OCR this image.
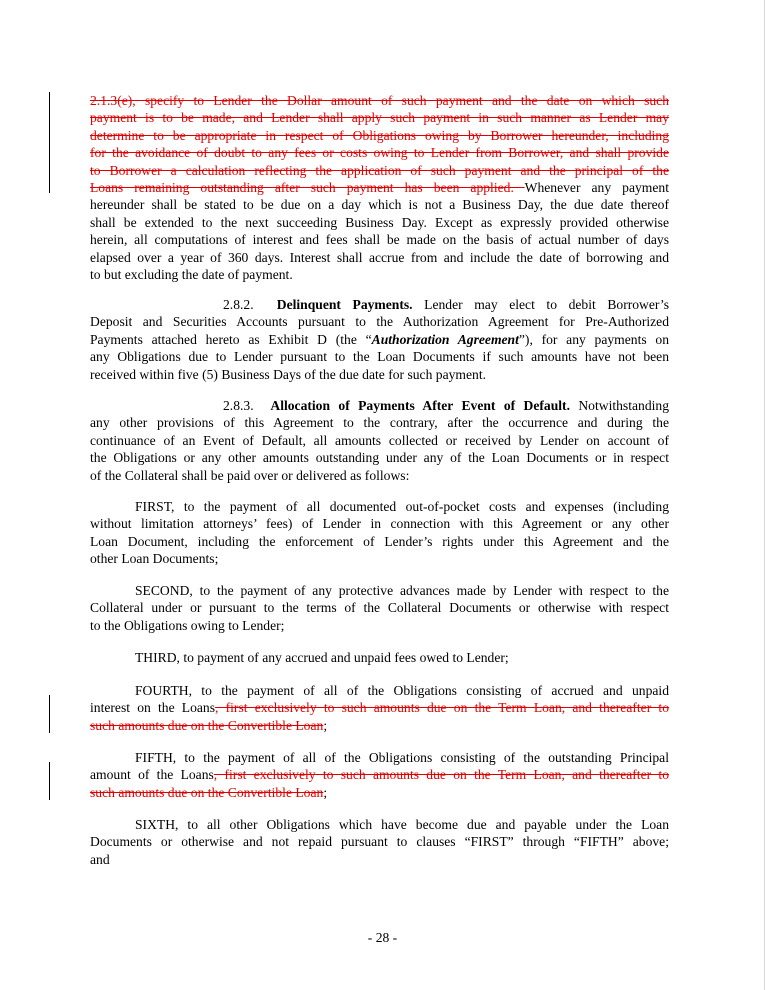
2.1.3(e), specify to Lender the Dollar amount of such payment and the date on which such
payment is to be made, and Lender shall apply such payment in such manner as Lender may
determine to be appropriate in respect of Obligations owing by Borrower hereunder, including
for the avoidance of doubt to any fees or costs owing to Lender from Borrower, and shall provide
to Borrower a calculation reflecting the application of such payment and the principal of the
Loans remaining outstanding after such payment has been applied. Whenever any payment
hereunder shall be stated to be due on a day which is not a Business Day, the due date thereof
shall be extended to the next succeeding Business Day. Except as expressly provided otherwise
herein, all computations of interest and fees shall be made on the basis of actual number of days
elapsed over a year of 360 days. Interest shall accrue from and include the date of borrowing and
to but excluding the date of payment.
2.8.2. Delinquent Payments. Lender may elect to debit Borrower’s
Deposit and Securities Accounts pursuant to the Authorization Agreement for Pre-Authorized
Payments attached hereto as Exhibit D (the “Authorization Agreement”), for any payments on
any Obligations due to Lender pursuant to the Loan Documents if such amounts have not been
received within five (5) Business Days of the due date for such payment.
2.8.3. Allocation of Payments After Event of Default. Notwithstanding
any other provisions of this Agreement to the contrary, after the occurrence and during the
continuance of an Event of Default, all amounts collected or received by Lender on account of
the Obligations or any other amounts outstanding under any of the Loan Documents or in respect
of the Collateral shall be paid over or delivered as follows:
FIRST, to the payment of all documented out-of-pocket costs and expenses (including
without limitation attorneys’ fees) of Lender in connection with this Agreement or any other
Loan Document, including the enforcement of Lender’s rights under this Agreement and the
other Loan Documents;
SECOND, to the payment of any protective advances made by Lender with respect to the
Collateral under or pursuant to the terms of the Collateral Documents or otherwise with respect
to the Obligations owing to Lender;
THIRD, to payment of any accrued and unpaid fees owed to Lender;
FOURTH, to the payment of all of the Obligations consisting of accrued and unpaid
interest on the Loans, first exclusively to such amounts due on the Term Loan, and thereafter to
such amounts due on the Convertible Loan;
FIFTH, to the payment of all of the Obligations consisting of the outstanding Principal
amount of the Loans, first exclusively to such amounts due on the Term Loan, and thereafter to
such amounts due on the Convertible Loan;
SIXTH, to all other Obligations which have become due and payable under the Loan
Documents or otherwise and not repaid pursuant to clauses “FIRST” through “FIFTH” above;
and
- 28 -
